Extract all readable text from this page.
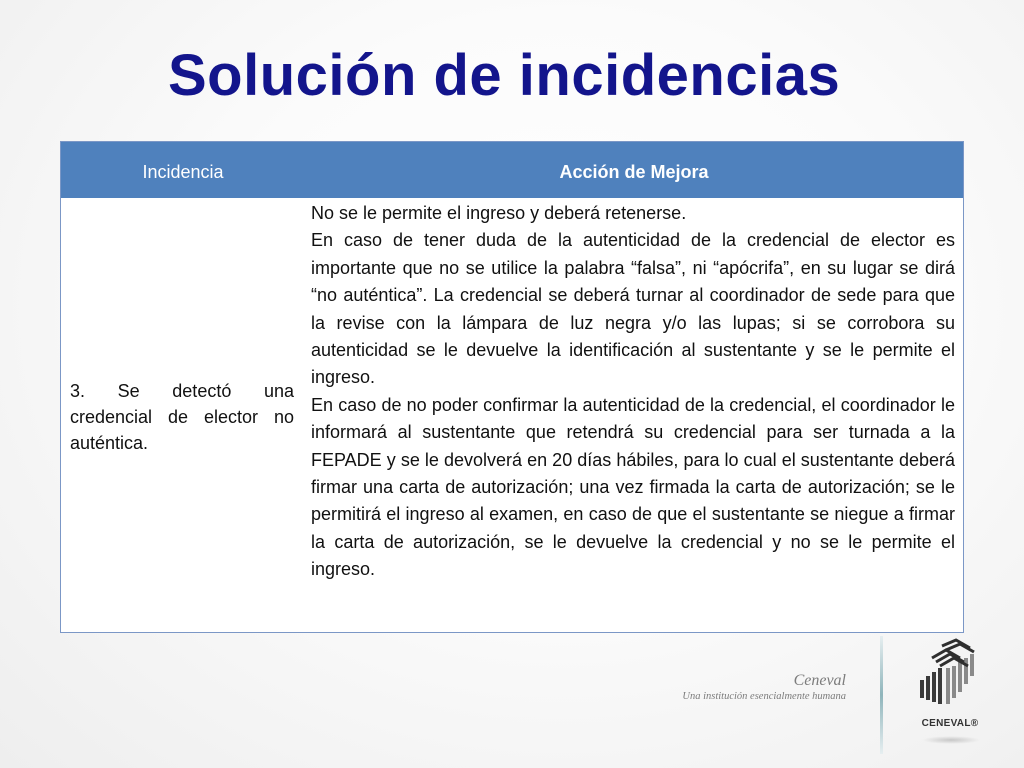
Solución de incidencias
Incidencia	Acción de Mejora

3. Se detectó una credencial de elector no auténtica.

No se le permite el ingreso y deberá retenerse.

En caso de tener duda de la autenticidad de la credencial de elector es importante que no se utilice la palabra “falsa”, ni “apócrifa”, en su lugar se dirá “no auténtica”. La credencial se deberá turnar al coordinador de sede para que la revise con la lámpara de luz negra y/o las lupas; si se corrobora su autenticidad se le devuelve la identificación al sustentante y se le permite el ingreso.

En caso de no poder confirmar la autenticidad de la credencial, el coordinador le informará al sustentante que retendrá su credencial para ser turnada a la FEPADE y se le devolverá en 20 días hábiles, para lo cual el sustentante deberá firmar una carta de autorización; una vez firmada la carta de autorización; se le permitirá el ingreso al examen, en caso de que el sustentante se niegue a firmar la carta de autorización, se le devuelve la credencial y no se le permite el ingreso.

Ceneval
Una institución esencialmente humana
CENEVAL®
